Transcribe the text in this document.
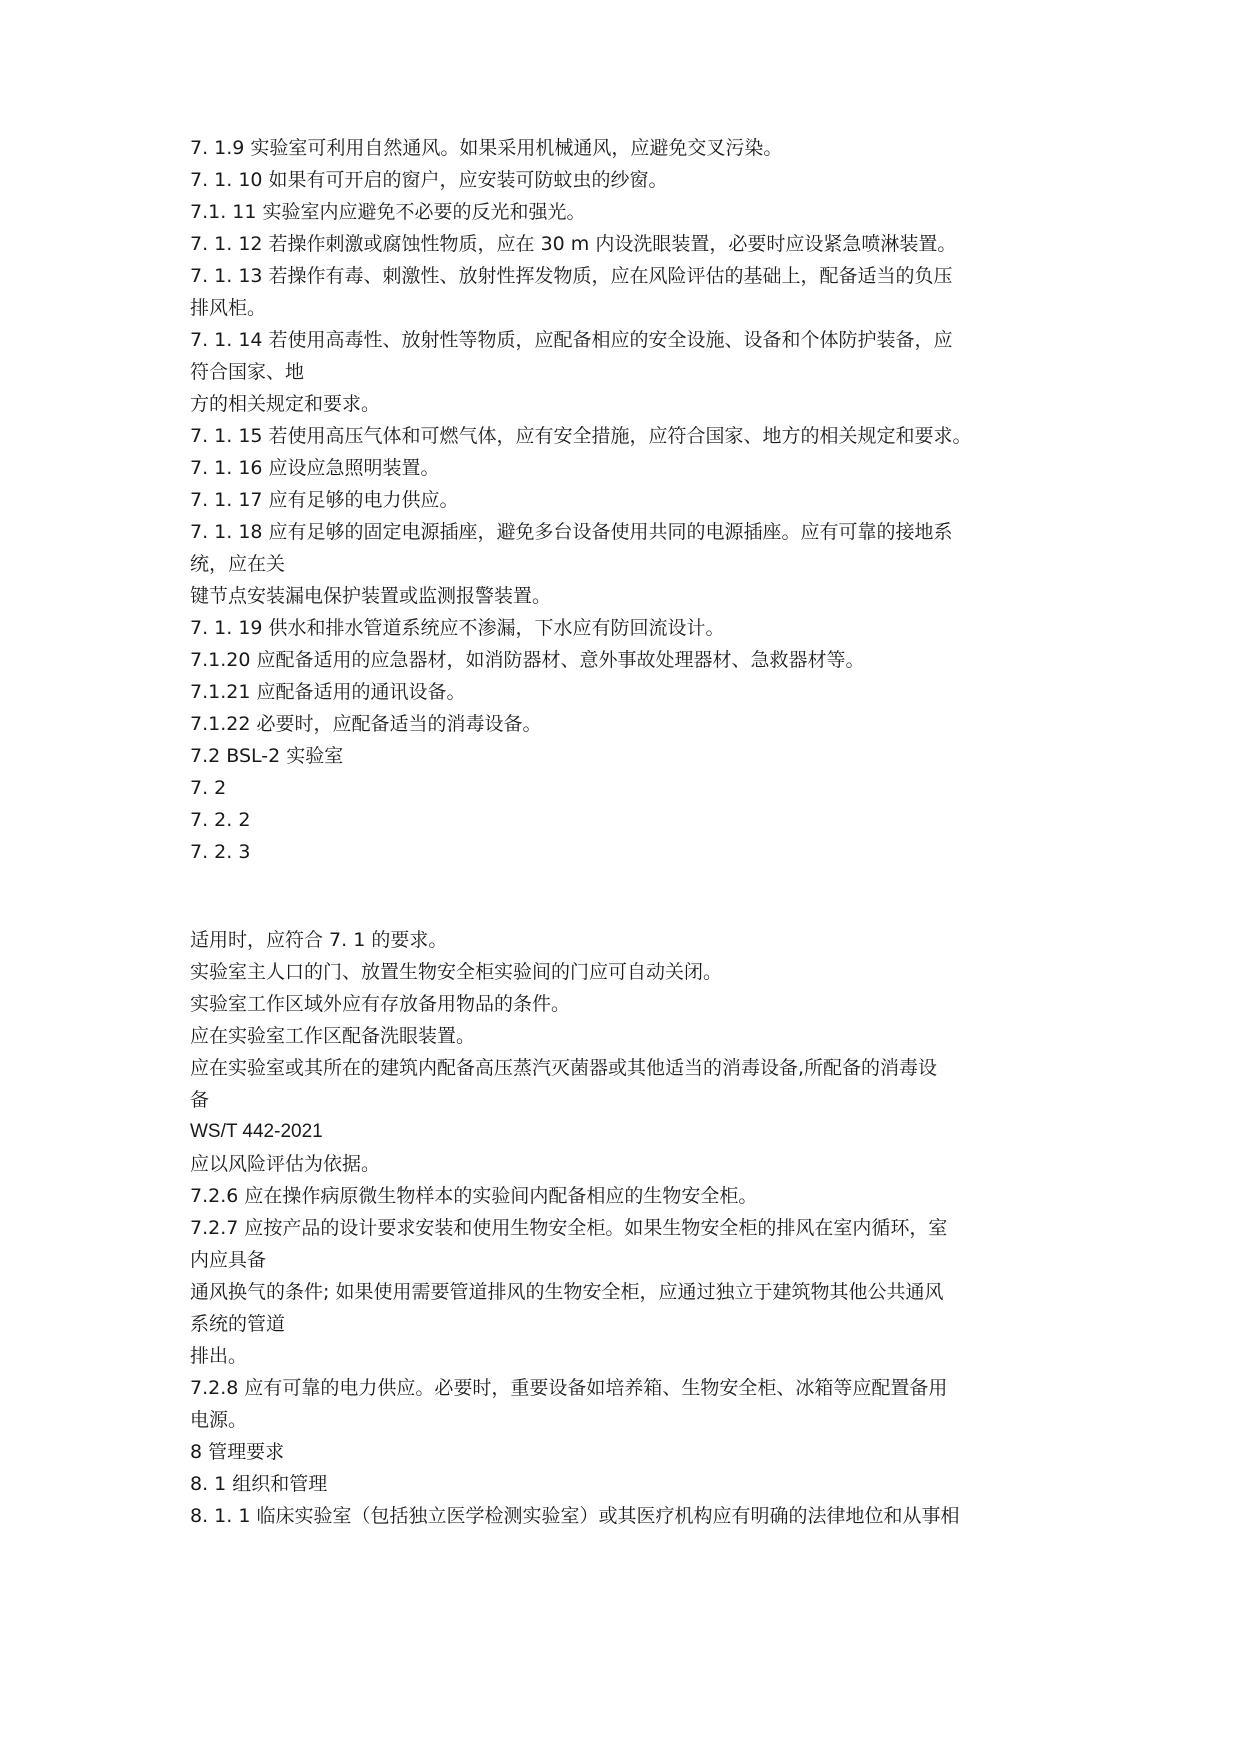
7. 1.9 实验室可利用自然通风。如果采用机械通风，应避免交叉污染。
7. 1. 10 如果有可开启的窗户，应安装可防蚊虫的纱窗。
7.1. 11 实验室内应避免不必要的反光和强光。
7. 1. 12 若操作刺激或腐蚀性物质，应在 30 m 内设洗眼装置，必要时应设紧急喷淋装置。
7. 1. 13 若操作有毒、刺激性、放射性挥发物质，应在风险评估的基础上，配备适当的负压
排风柜。
7. 1. 14 若使用高毒性、放射性等物质，应配备相应的安全设施、设备和个体防护装备，应
符合国家、地
方的相关规定和要求。
7. 1. 15 若使用高压气体和可燃气体，应有安全措施，应符合国家、地方的相关规定和要求。
7. 1. 16 应设应急照明装置。
7. 1. 17 应有足够的电力供应。
7. 1. 18 应有足够的固定电源插座，避免多台设备使用共同的电源插座。应有可靠的接地系
统，应在关
键节点安装漏电保护装置或监测报警装置。
7. 1. 19 供水和排水管道系统应不渗漏，下水应有防回流设计。
7.1.20 应配备适用的应急器材，如消防器材、意外事故处理器材、急救器材等。
7.1.21 应配备适用的通讯设备。
7.1.22 必要时，应配备适当的消毒设备。
7.2 BSL-2 实验室
7. 2
7. 2. 2
7. 2. 3
适用时，应符合 7. 1 的要求。
实验室主人口的门、放置生物安全柜实验间的门应可自动关闭。
实验室工作区域外应有存放备用物品的条件。
应在实验室工作区配备洗眼装置。
应在实验室或其所在的建筑内配备高压蒸汽灭菌器或其他适当的消毒设备,所配备的消毒设
备
WS/T 442-2021
应以风险评估为依据。
7.2.6 应在操作病原微生物样本的实验间内配备相应的生物安全柜。
7.2.7 应按产品的设计要求安装和使用生物安全柜。如果生物安全柜的排风在室内循环，室
内应具备
通风换气的条件; 如果使用需要管道排风的生物安全柜，应通过独立于建筑物其他公共通风
系统的管道
排出。
7.2.8 应有可靠的电力供应。必要时，重要设备如培养箱、生物安全柜、冰箱等应配置备用
电源。
8 管理要求
8. 1 组织和管理
8. 1. 1 临床实验室（包括独立医学检测实验室）或其医疗机构应有明确的法律地位和从事相
